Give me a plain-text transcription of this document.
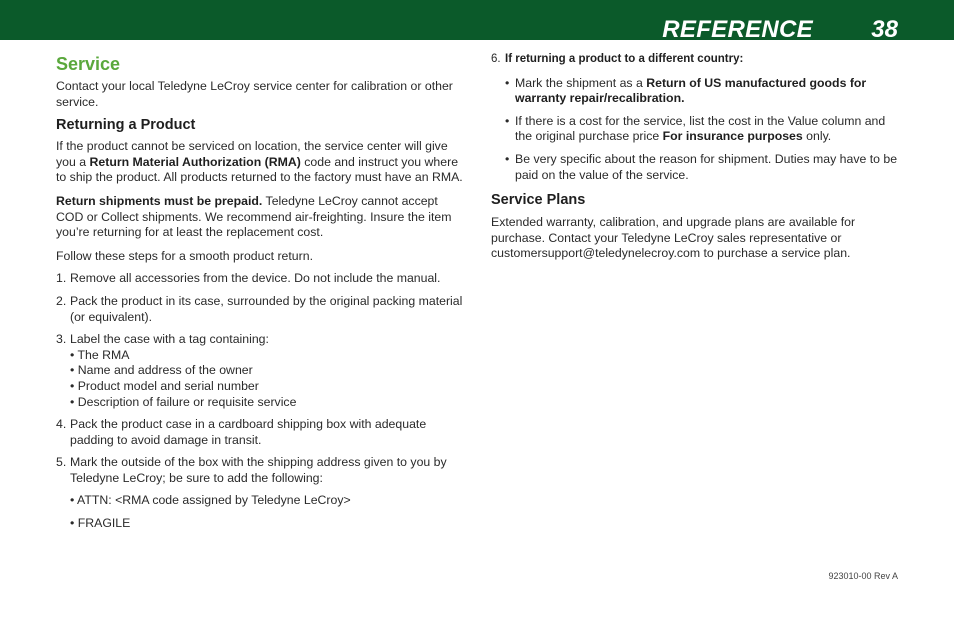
REFERENCE 38
Service

Contact your local Teledyne LeCroy service center for calibration or other service.

Returning a Product

If the product cannot be serviced on location, the service center will give you a Return Material Authorization (RMA) code and instruct you where to ship the product. All products returned to the factory must have an RMA.

Return shipments must be prepaid. Teledyne LeCroy cannot accept COD or Collect shipments. We recommend air-freighting. Insure the item you’re returning for at least the replacement cost.

Follow these steps for a smooth product return.

1. Remove all accessories from the device. Do not include the manual.
2. Pack the product in its case, surrounded by the original packing material (or equivalent).
3. Label the case with a tag containing:
• The RMA
• Name and address of the owner
• Product model and serial number
• Description of failure or requisite service
4. Pack the product case in a cardboard shipping box with adequate padding to avoid damage in transit.
5. Mark the outside of the box with the shipping address given to you by Teledyne LeCroy; be sure to add the following:

• ATTN: <RMA code assigned by Teledyne LeCroy>

• FRAGILE

6. If returning a product to a different country:
• Mark the shipment as a Return of US manufactured goods for warranty repair/recalibration.
• If there is a cost for the service, list the cost in the Value column and the original purchase price For insurance purposes only.
• Be very specific about the reason for shipment. Duties may have to be paid on the value of the service.
Service Plans

Extended warranty, calibration, and upgrade plans are available for purchase. Contact your Teledyne LeCroy sales representative or customersupport@teledynelecroy.com to purchase a service plan.

923010-00 Rev A
